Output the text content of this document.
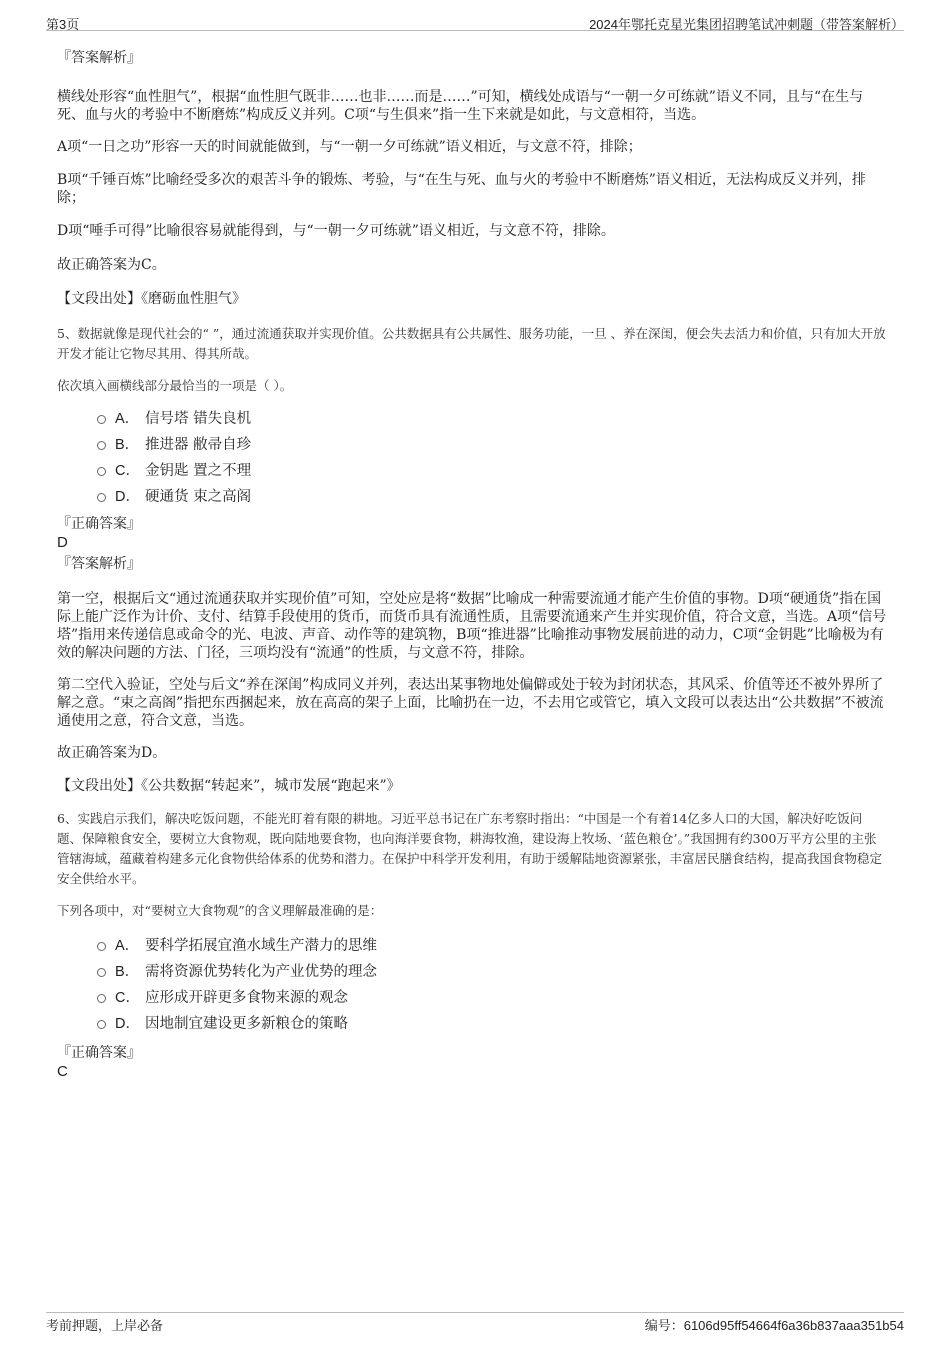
第3页	2024年鄂托克星光集团招聘笔试冲刺题（带答案解析）

『答案解析』

横线处形容“血性胆气”，根据“血性胆气既非……也非……而是……”可知，横线处成语与“一朝一夕可练就”语义不同，且与“在生与死、血与火的考验中不断磨炼”构成反义并列。C项“与生俱来”指一生下来就是如此，与文意相符，当选。

A项“一日之功”形容一天的时间就能做到，与“一朝一夕可练就”语义相近，与文意不符，排除；

B项“千锤百炼”比喻经受多次的艰苦斗争的锻炼、考验，与“在生与死、血与火的考验中不断磨炼”语义相近，无法构成反义并列，排除；

D项“唾手可得”比喻很容易就能得到，与“一朝一夕可练就”语义相近，与文意不符，排除。

故正确答案为C。

【文段出处】《磨砺血性胆气》

5、数据就像是现代社会的“ ”，通过流通获取并实现价值。公共数据具有公共属性、服务功能，一旦 、养在深闺，便会失去活力和价值，只有加大开放开发才能让它物尽其用、得其所哉。

依次填入画横线部分最恰当的一项是（ ）。

A． 信号塔 错失良机
B． 推进器 敝帚自珍
C． 金钥匙 置之不理
D． 硬通货 束之高阁

『正确答案』

D

『答案解析』

第一空，根据后文“通过流通获取并实现价值”可知，空处应是将“数据”比喻成一种需要流通才能产生价值的事物。D项“硬通货”指在国际上能广泛作为计价、支付、结算手段使用的货币，而货币具有流通性质，且需要流通来产生并实现价值，符合文意，当选。A项“信号塔”指用来传递信息或命令的光、电波、声音、动作等的建筑物，B项“推进器”比喻推动事物发展前进的动力，C项“金钥匙”比喻极为有效的解决问题的方法、门径，三项均没有“流通”的性质，与文意不符，排除。

第二空代入验证，空处与后文“养在深闺”构成同义并列，表达出某事物地处偏僻或处于较为封闭状态，其风采、价值等还不被外界所了解之意。“束之高阁”指把东西捆起来，放在高高的架子上面，比喻扔在一边，不去用它或管它，填入文段可以表达出“公共数据”不被流通使用之意，符合文意，当选。

故正确答案为D。

【文段出处】《公共数据“转起来”，城市发展“跑起来”》

6、实践启示我们，解决吃饭问题，不能光盯着有限的耕地。习近平总书记在广东考察时指出：“中国是一个有着14亿多人口的大国，解决好吃饭问题、保障粮食安全，要树立大食物观，既向陆地要食物，也向海洋要食物，耕海牧渔，建设海上牧场、‘蓝色粮仓’。”我国拥有约300万平方公里的主张管辖海域，蕴藏着构建多元化食物供给体系的优势和潜力。在保护中科学开发利用，有助于缓解陆地资源紧张，丰富居民膳食结构，提高我国食物稳定安全供给水平。

下列各项中，对“要树立大食物观”的含义理解最准确的是：

A． 要科学拓展宜渔水域生产潜力的思维
B． 需将资源优势转化为产业优势的理念
C． 应形成开辟更多食物来源的观念
D． 因地制宜建设更多新粮仓的策略

『正确答案』

C

考前押题，上岸必备	编号：6106d95ff54664f6a36b837aaa351b54
